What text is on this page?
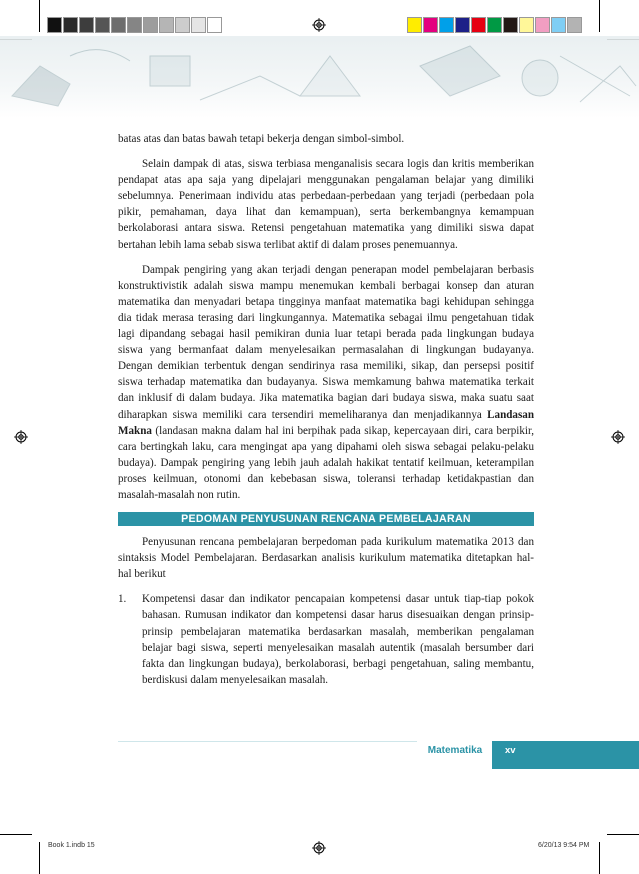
batas atas dan batas bawah tetapi bekerja dengan simbol-simbol.

Selain dampak di atas, siswa terbiasa menganalisis secara logis dan kritis memberikan pendapat atas apa saja yang dipelajari menggunakan pengalaman belajar yang dimiliki sebelumnya. Penerimaan individu atas perbedaan-perbedaan yang terjadi (perbedaan pola pikir, pemahaman, daya lihat dan kemampuan), serta berkembangnya kemampuan berkolaborasi antara siswa. Retensi pengetahuan matematika yang dimiliki siswa dapat bertahan lebih lama sebab siswa terlibat aktif di dalam proses penemuannya.

Dampak pengiring yang akan terjadi dengan penerapan model pembelajaran berbasis konstruktivistik adalah siswa mampu menemukan kembali berbagai konsep dan aturan matematika dan menyadari betapa tingginya manfaat matematika bagi kehidupan sehingga dia tidak merasa terasing dari lingkungannya. Matematika sebagai ilmu pengetahuan tidak lagi dipandang sebagai hasil pemikiran dunia luar tetapi berada pada lingkungan budaya siswa yang bermanfaat dalam menyelesaikan permasalahan di lingkungan budayanya. Dengan demikian terbentuk dengan sendirinya rasa memiliki, sikap, dan persepsi positif siswa terhadap matematika dan budayanya. Siswa memkamung bahwa matematika terkait dan inklusif di dalam budaya. Jika matematika bagian dari budaya siswa, maka suatu saat diharapkan siswa memiliki cara tersendiri memeliharanya dan menjadikannya Landasan Makna (landasan makna dalam hal ini berpihak pada sikap, kepercayaan diri, cara berpikir, cara bertingkah laku, cara mengingat apa yang dipahami oleh siswa sebagai pelaku-pelaku budaya). Dampak pengiring yang lebih jauh adalah hakikat tentatif keilmuan, keterampilan proses keilmuan, otonomi dan kebebasan siswa, toleransi terhadap ketidakpastian dan masalah-masalah non rutin.

PEDOMAN PENYUSUNAN RENCANA PEMBELAJARAN

Penyusunan rencana pembelajaran berpedoman pada kurikulum matematika 2013 dan sintaksis Model Pembelajaran. Berdasarkan analisis kurikulum matematika ditetapkan hal-hal berikut

1.	Kompetensi dasar dan indikator pencapaian kompetensi dasar untuk tiap-tiap pokok bahasan. Rumusan indikator dan kompetensi dasar harus disesuaikan dengan prinsip-prinsip pembelajaran matematika berdasarkan masalah, memberikan pengalaman belajar bagi siswa, seperti menyelesaikan masalah autentik (masalah bersumber dari fakta dan lingkungan budaya), berkolaborasi, berbagi pengetahuan, saling membantu, berdiskusi dalam menyelesaikan masalah.

Matematika	xv
Book 1.indb 15	6/20/13 9:54 PM
